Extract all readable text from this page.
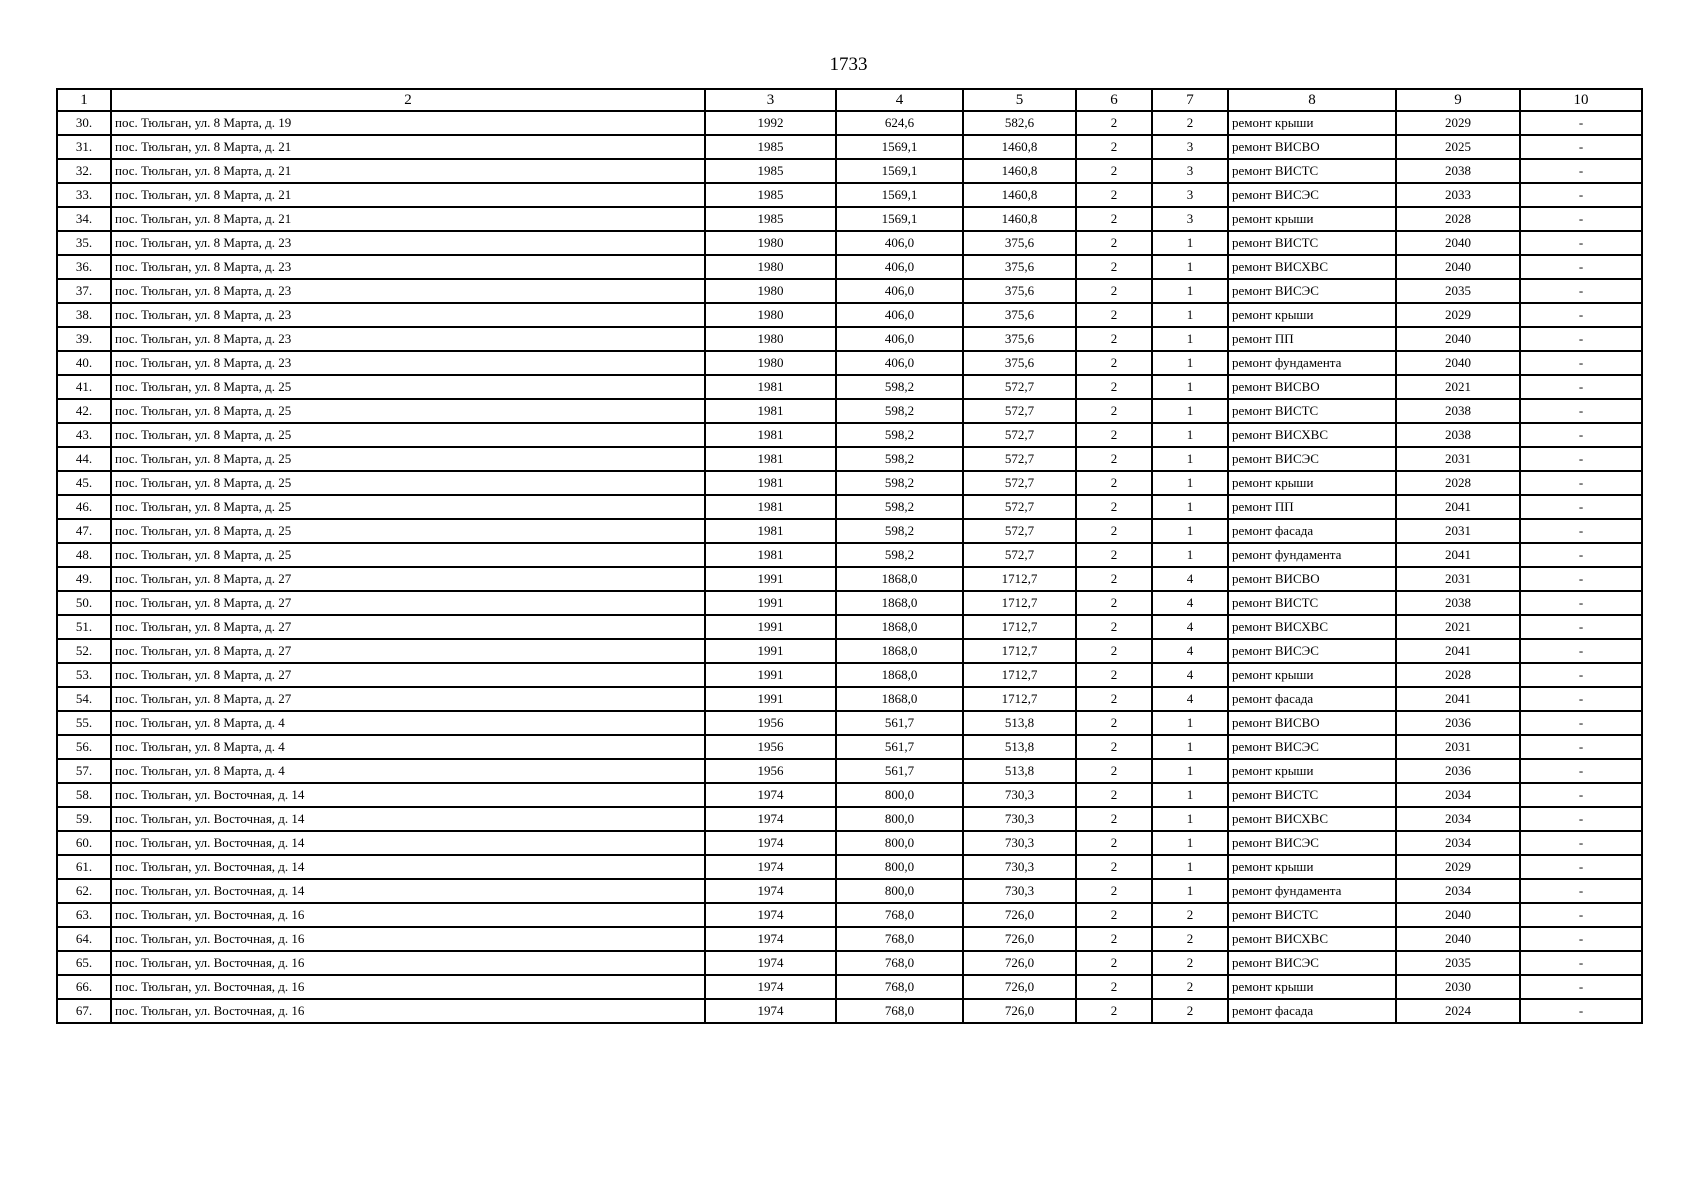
1733
1	2	3	4	5	6	7	8	9	10
30.	пос. Тюльган, ул. 8 Марта, д. 19	1992	624,6	582,6	2	2	ремонт крыши	2029	-
31.	пос. Тюльган, ул. 8 Марта, д. 21	1985	1569,1	1460,8	2	3	ремонт ВИСВО	2025	-
32.	пос. Тюльган, ул. 8 Марта, д. 21	1985	1569,1	1460,8	2	3	ремонт ВИСТС	2038	-
33.	пос. Тюльган, ул. 8 Марта, д. 21	1985	1569,1	1460,8	2	3	ремонт ВИСЭС	2033	-
34.	пос. Тюльган, ул. 8 Марта, д. 21	1985	1569,1	1460,8	2	3	ремонт крыши	2028	-
35.	пос. Тюльган, ул. 8 Марта, д. 23	1980	406,0	375,6	2	1	ремонт ВИСТС	2040	-
36.	пос. Тюльган, ул. 8 Марта, д. 23	1980	406,0	375,6	2	1	ремонт ВИСХВС	2040	-
37.	пос. Тюльган, ул. 8 Марта, д. 23	1980	406,0	375,6	2	1	ремонт ВИСЭС	2035	-
38.	пос. Тюльган, ул. 8 Марта, д. 23	1980	406,0	375,6	2	1	ремонт крыши	2029	-
39.	пос. Тюльган, ул. 8 Марта, д. 23	1980	406,0	375,6	2	1	ремонт ПП	2040	-
40.	пос. Тюльган, ул. 8 Марта, д. 23	1980	406,0	375,6	2	1	ремонт фундамента	2040	-
41.	пос. Тюльган, ул. 8 Марта, д. 25	1981	598,2	572,7	2	1	ремонт ВИСВО	2021	-
42.	пос. Тюльган, ул. 8 Марта, д. 25	1981	598,2	572,7	2	1	ремонт ВИСТС	2038	-
43.	пос. Тюльган, ул. 8 Марта, д. 25	1981	598,2	572,7	2	1	ремонт ВИСХВС	2038	-
44.	пос. Тюльган, ул. 8 Марта, д. 25	1981	598,2	572,7	2	1	ремонт ВИСЭС	2031	-
45.	пос. Тюльган, ул. 8 Марта, д. 25	1981	598,2	572,7	2	1	ремонт крыши	2028	-
46.	пос. Тюльган, ул. 8 Марта, д. 25	1981	598,2	572,7	2	1	ремонт ПП	2041	-
47.	пос. Тюльган, ул. 8 Марта, д. 25	1981	598,2	572,7	2	1	ремонт фасада	2031	-
48.	пос. Тюльган, ул. 8 Марта, д. 25	1981	598,2	572,7	2	1	ремонт фундамента	2041	-
49.	пос. Тюльган, ул. 8 Марта, д. 27	1991	1868,0	1712,7	2	4	ремонт ВИСВО	2031	-
50.	пос. Тюльган, ул. 8 Марта, д. 27	1991	1868,0	1712,7	2	4	ремонт ВИСТС	2038	-
51.	пос. Тюльган, ул. 8 Марта, д. 27	1991	1868,0	1712,7	2	4	ремонт ВИСХВС	2021	-
52.	пос. Тюльган, ул. 8 Марта, д. 27	1991	1868,0	1712,7	2	4	ремонт ВИСЭС	2041	-
53.	пос. Тюльган, ул. 8 Марта, д. 27	1991	1868,0	1712,7	2	4	ремонт крыши	2028	-
54.	пос. Тюльган, ул. 8 Марта, д. 27	1991	1868,0	1712,7	2	4	ремонт фасада	2041	-
55.	пос. Тюльган, ул. 8 Марта, д. 4	1956	561,7	513,8	2	1	ремонт ВИСВО	2036	-
56.	пос. Тюльган, ул. 8 Марта, д. 4	1956	561,7	513,8	2	1	ремонт ВИСЭС	2031	-
57.	пос. Тюльган, ул. 8 Марта, д. 4	1956	561,7	513,8	2	1	ремонт крыши	2036	-
58.	пос. Тюльган, ул. Восточная, д. 14	1974	800,0	730,3	2	1	ремонт ВИСТС	2034	-
59.	пос. Тюльган, ул. Восточная, д. 14	1974	800,0	730,3	2	1	ремонт ВИСХВС	2034	-
60.	пос. Тюльган, ул. Восточная, д. 14	1974	800,0	730,3	2	1	ремонт ВИСЭС	2034	-
61.	пос. Тюльган, ул. Восточная, д. 14	1974	800,0	730,3	2	1	ремонт крыши	2029	-
62.	пос. Тюльган, ул. Восточная, д. 14	1974	800,0	730,3	2	1	ремонт фундамента	2034	-
63.	пос. Тюльган, ул. Восточная, д. 16	1974	768,0	726,0	2	2	ремонт ВИСТС	2040	-
64.	пос. Тюльган, ул. Восточная, д. 16	1974	768,0	726,0	2	2	ремонт ВИСХВС	2040	-
65.	пос. Тюльган, ул. Восточная, д. 16	1974	768,0	726,0	2	2	ремонт ВИСЭС	2035	-
66.	пос. Тюльган, ул. Восточная, д. 16	1974	768,0	726,0	2	2	ремонт крыши	2030	-
67.	пос. Тюльган, ул. Восточная, д. 16	1974	768,0	726,0	2	2	ремонт фасада	2024	-
